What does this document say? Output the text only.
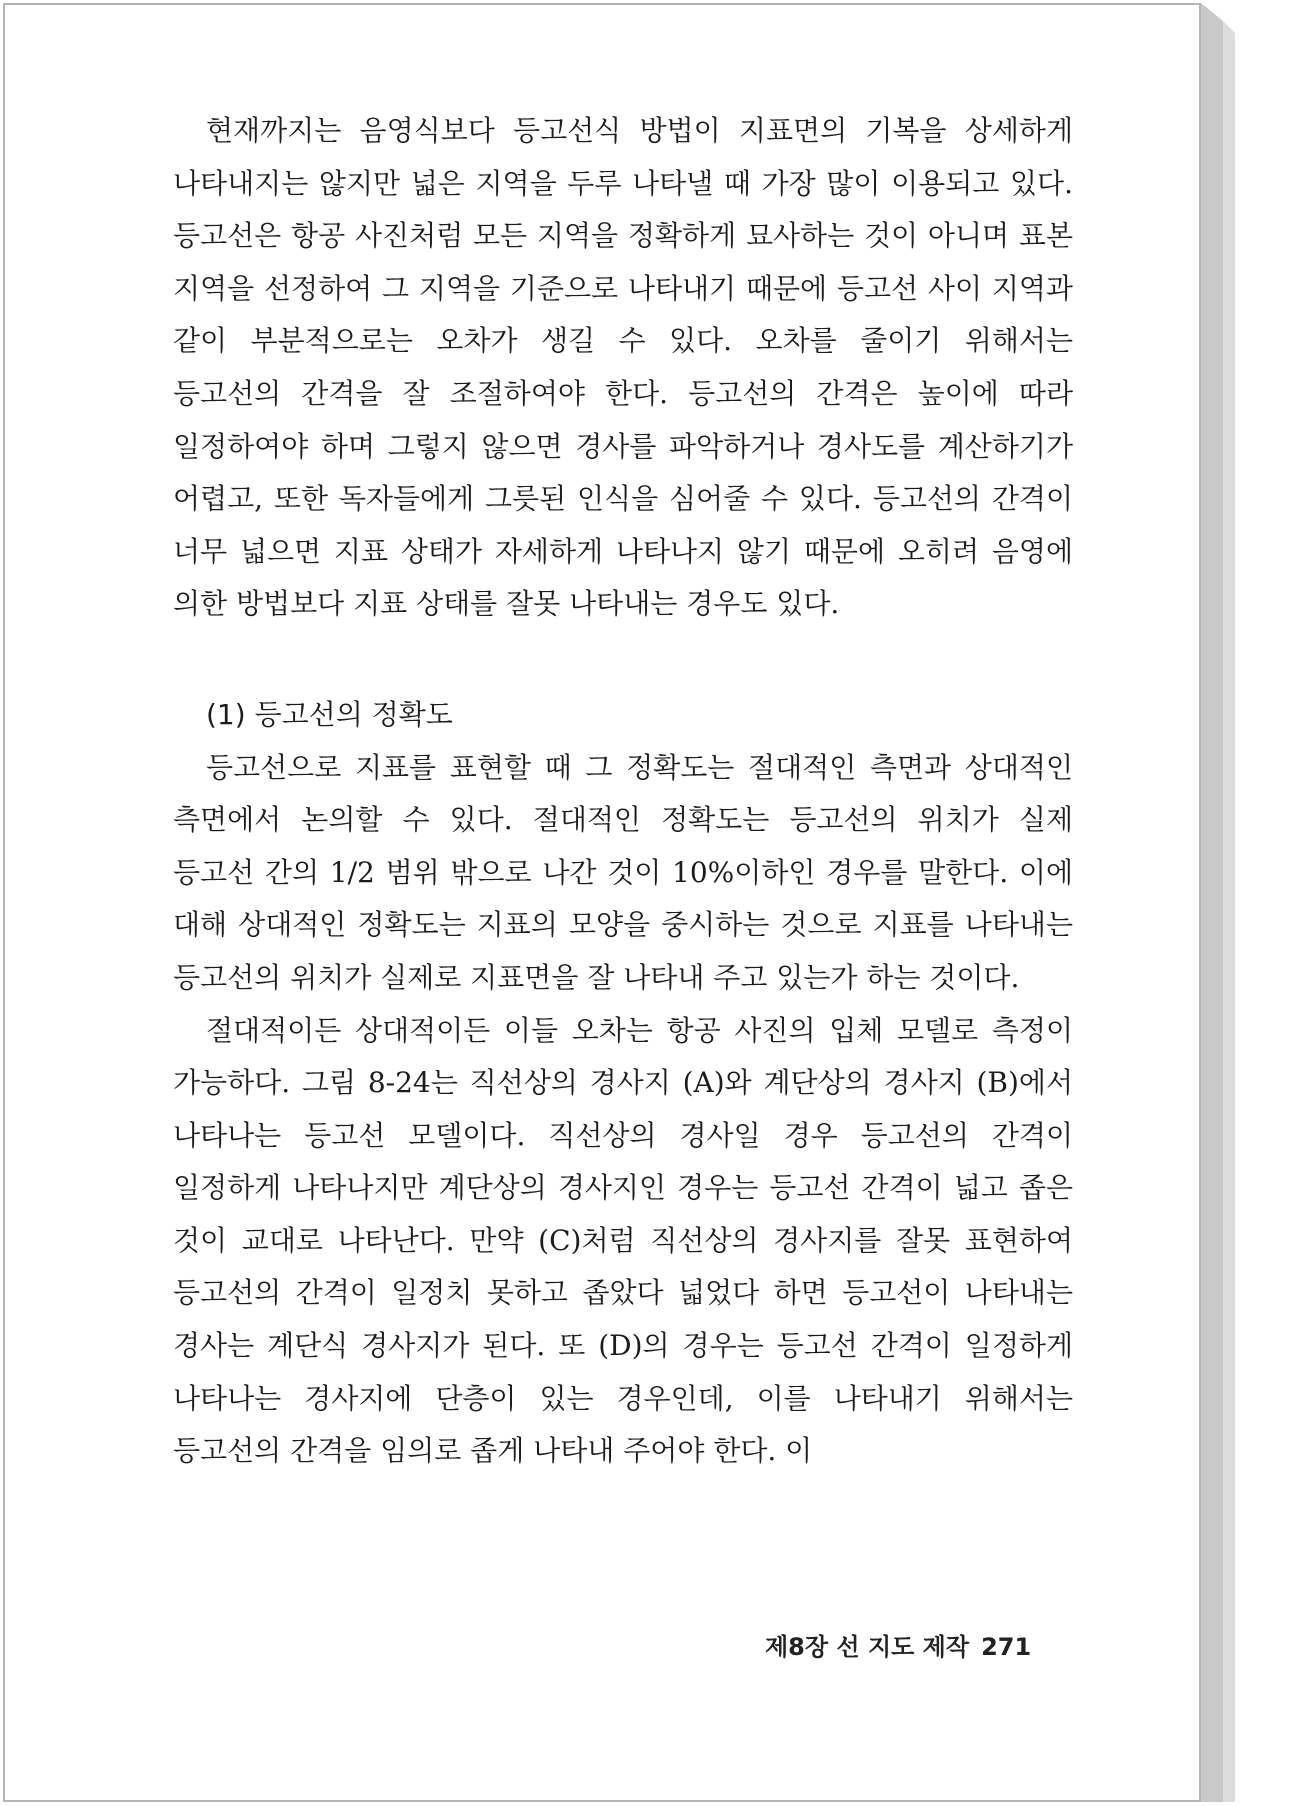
현재까지는 음영식보다 등고선식 방법이 지표면의 기복을 상세하게 나타내지는 않지만 넓은 지역을 두루 나타낼 때 가장 많이 이용되고 있다. 등고선은 항공 사진처럼 모든 지역을 정확하게 묘사하는 것이 아니며 표본 지역을 선정하여 그 지역을 기준으로 나타내기 때문에 등고선 사이 지역과 같이 부분적으로는 오차가 생길 수 있다. 오차를 줄이기 위해서는 등고선의 간격을 잘 조절하여야 한다. 등고선의 간격은 높이에 따라 일정하여야 하며 그렇지 않으면 경사를 파악하거나 경사도를 계산하기가 어렵고, 또한 독자들에게 그릇된 인식을 심어줄 수 있다. 등고선의 간격이 너무 넓으면 지표 상태가 자세하게 나타나지 않기 때문에 오히려 음영에 의한 방법보다 지표 상태를 잘못 나타내는 경우도 있다.

(1) 등고선의 정확도

등고선으로 지표를 표현할 때 그 정확도는 절대적인 측면과 상대적인 측면에서 논의할 수 있다. 절대적인 정확도는 등고선의 위치가 실제 등고선 간의 1/2 범위 밖으로 나간 것이 10%이하인 경우를 말한다. 이에 대해 상대적인 정확도는 지표의 모양을 중시하는 것으로 지표를 나타내는 등고선의 위치가 실제로 지표면을 잘 나타내 주고 있는가 하는 것이다.

절대적이든 상대적이든 이들 오차는 항공 사진의 입체 모델로 측정이 가능하다. 그림 8-24는 직선상의 경사지 (A)와 계단상의 경사지 (B)에서 나타나는 등고선 모델이다. 직선상의 경사일 경우 등고선의 간격이 일정하게 나타나지만 계단상의 경사지인 경우는 등고선 간격이 넓고 좁은 것이 교대로 나타난다. 만약 (C)처럼 직선상의 경사지를 잘못 표현하여 등고선의 간격이 일정치 못하고 좁았다 넓었다 하면 등고선이 나타내는 경사는 계단식 경사지가 된다. 또 (D)의 경우는 등고선 간격이 일정하게 나타나는 경사지에 단층이 있는 경우인데, 이를 나타내기 위해서는 등고선의 간격을 임의로 좁게 나타내 주어야 한다. 이

제8장 선 지도 제작 271
